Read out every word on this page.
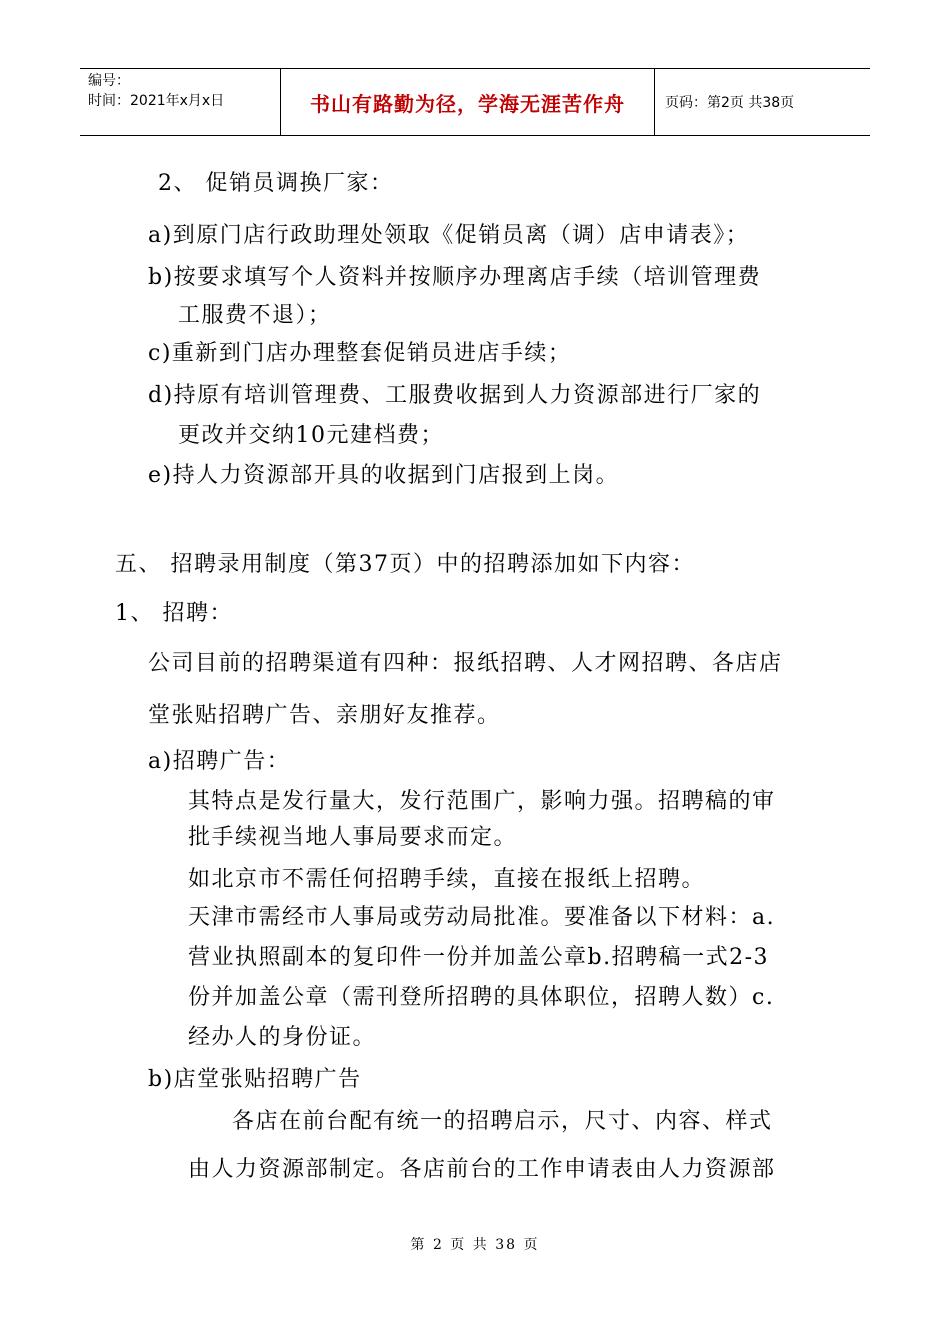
编号：
时间：2021年x月x日	书山有路勤为径，学海无涯苦作舟	页码：第2页 共38页
2、 促销员调换厂家：
a)到原门店行政助理处领取《促销员离（调）店申请表》；
b)按要求填写个人资料并按顺序办理离店手续（培训管理费
工服费不退）；
c)重新到门店办理整套促销员进店手续；
d)持原有培训管理费、工服费收据到人力资源部进行厂家的
更改并交纳10元建档费；
e)持人力资源部开具的收据到门店报到上岗。
五、 招聘录用制度（第37页）中的招聘添加如下内容：
1、 招聘：
公司目前的招聘渠道有四种：报纸招聘、人才网招聘、各店店
堂张贴招聘广告、亲朋好友推荐。
a)招聘广告：
其特点是发行量大，发行范围广，影响力强。招聘稿的审
批手续视当地人事局要求而定。
如北京市不需任何招聘手续，直接在报纸上招聘。
天津市需经市人事局或劳动局批准。要准备以下材料：a.
营业执照副本的复印件一份并加盖公章b.招聘稿一式2-3
份并加盖公章（需刊登所招聘的具体职位，招聘人数）c.
经办人的身份证。
b)店堂张贴招聘广告
各店在前台配有统一的招聘启示，尺寸、内容、样式
由人力资源部制定。各店前台的工作申请表由人力资源部
第 2 页 共 38 页
